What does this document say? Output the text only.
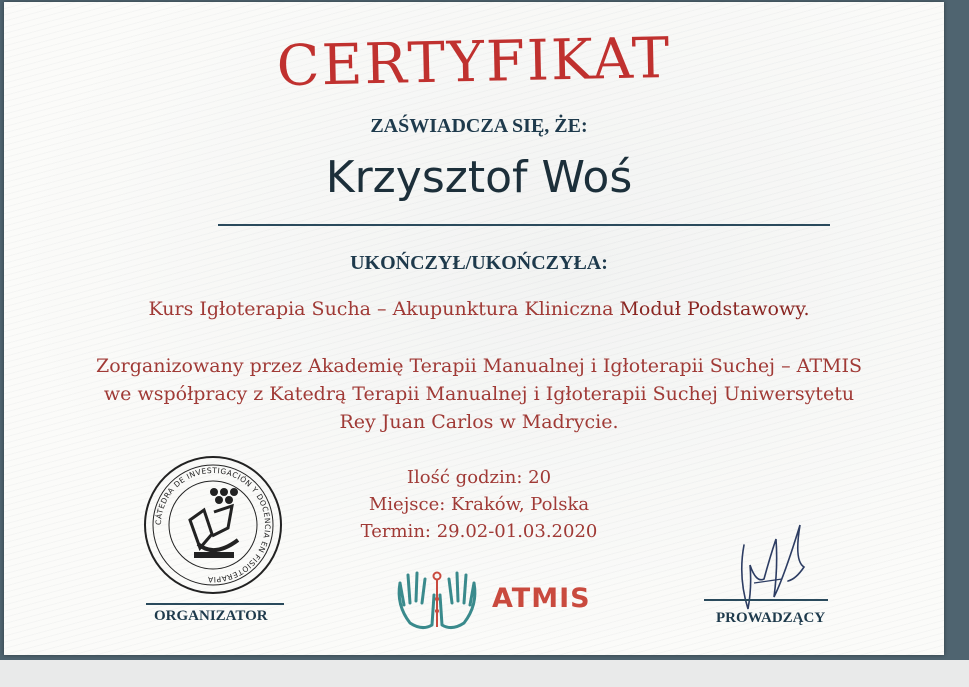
CERTYFIKAT
ZAŚWIADCZA SIĘ, ŻE:
Krzysztof Woś
UKOŃCZYŁ/UKOŃCZYŁA:
Kurs Igłoterapia Sucha – Akupunktura Kliniczna Moduł Podstawowy.
Zorganizowany przez Akademię Terapii Manualnej i Igłoterapii Suchej – ATMIS
we współpracy z Katedrą Terapii Manualnej i Igłoterapii Suchej Uniwersytetu
Rey Juan Carlos w Madrycie.
Ilość godzin: 20
Miejsce: Kraków, Polska
Termin: 29.02-01.03.2020
CÁTEDRA DE INVESTIGACIÓN Y DOCENCIA EN FISIOTERAPIA
ORGANIZATOR
ATMIS
PROWADZĄCY
